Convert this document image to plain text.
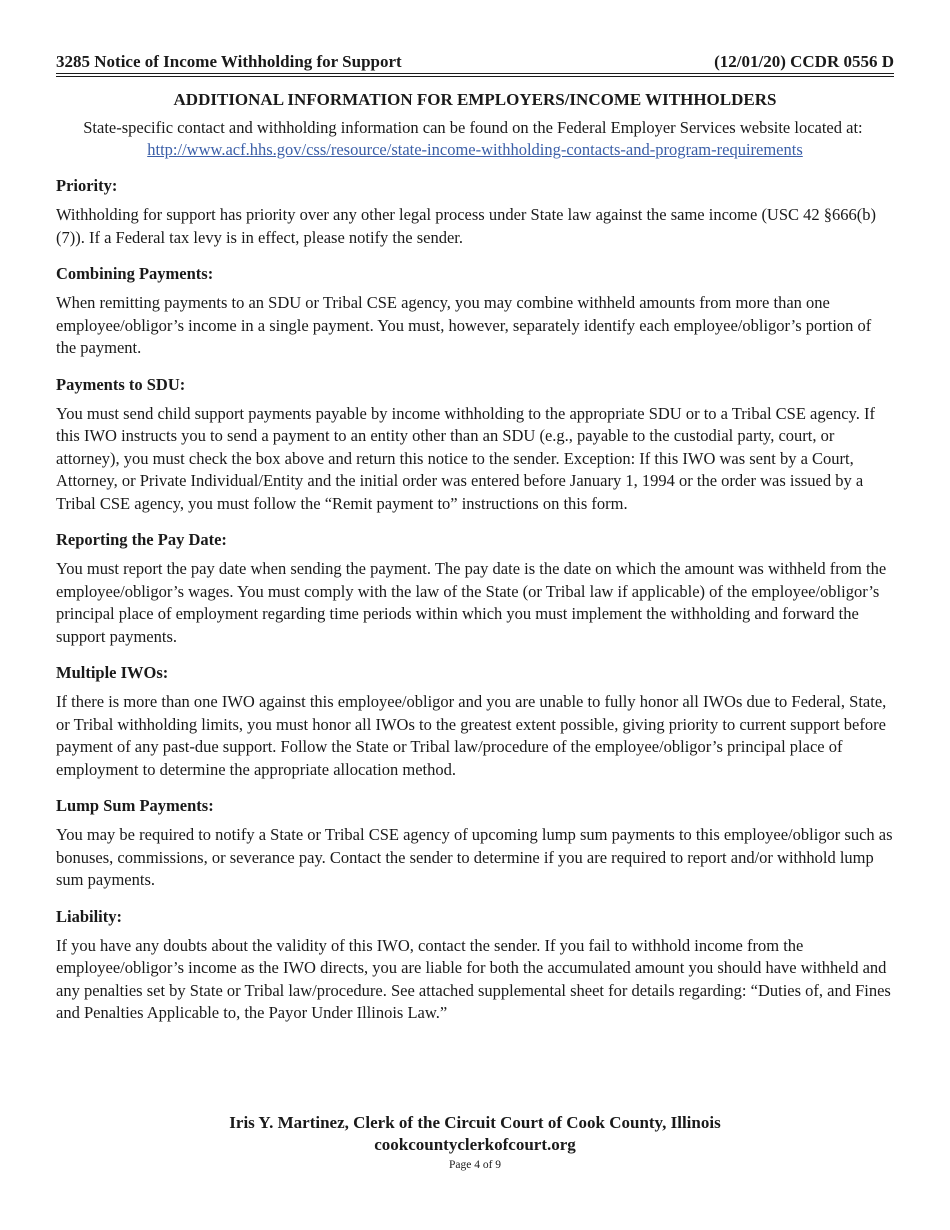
3285 Notice of Income Withholding for Support	(12/01/20) CCDR 0556 D
ADDITIONAL INFORMATION FOR EMPLOYERS/INCOME WITHHOLDERS
State-specific contact and withholding information can be found on the Federal Employer Services website located at:  http://www.acf.hhs.gov/css/resource/state-income-withholding-contacts-and-program-requirements
Priority:
Withholding for support has priority over any other legal process under State law against the same income (USC 42 §666(b)(7)). If a Federal tax levy is in effect, please notify the sender.
Combining Payments:
When remitting payments to an SDU or Tribal CSE agency, you may combine withheld amounts from more than one employee/obligor’s income in a single payment. You must, however, separately identify each employee/obligor’s portion of the payment.
Payments to SDU:
You must send child support payments payable by income withholding to the appropriate SDU or to a Tribal CSE agency. If this IWO instructs you to send a payment to an entity other than an SDU (e.g., payable to the custodial party, court, or attorney), you must check the box above and return this notice to the sender. Exception: If this IWO was sent by a Court, Attorney, or Private Individual/Entity and the initial order was entered before January 1, 1994 or the order was issued by a Tribal CSE agency, you must follow the “Remit payment to” instructions on this form.
Reporting the Pay Date:
You must report the pay date when sending the payment. The pay date is the date on which the amount was withheld from the employee/obligor’s wages. You must comply with the law of the State (or Tribal law if applicable) of the employee/obligor’s principal place of employment regarding time periods within which you must implement the withholding and forward the support payments.
Multiple IWOs:
If there is more than one IWO against this employee/obligor and you are unable to fully honor all IWOs due to Federal, State, or Tribal withholding limits, you must honor all IWOs to the greatest extent possible, giving priority to current support before payment of any past-due support. Follow the State or Tribal law/procedure of the employee/obligor’s principal place of employment to determine the appropriate allocation method.
Lump Sum Payments:
You may be required to notify a State or Tribal CSE agency of upcoming lump sum payments to this employee/obligor such as bonuses, commissions, or severance pay. Contact the sender to determine if you are required to report and/or withhold lump sum payments.
Liability:
If you have any doubts about the validity of this IWO, contact the sender. If you fail to withhold income from the employee/obligor’s income as the IWO directs, you are liable for both the accumulated amount you should have withheld and any penalties set by State or Tribal law/procedure. See attached supplemental sheet for details regarding: “Duties of, and Fines and Penalties Applicable to, the Payor Under Illinois Law.”
Iris Y. Martinez, Clerk of the Circuit Court of Cook County, Illinois
cookcountyclerkofcourt.org
Page 4 of 9
